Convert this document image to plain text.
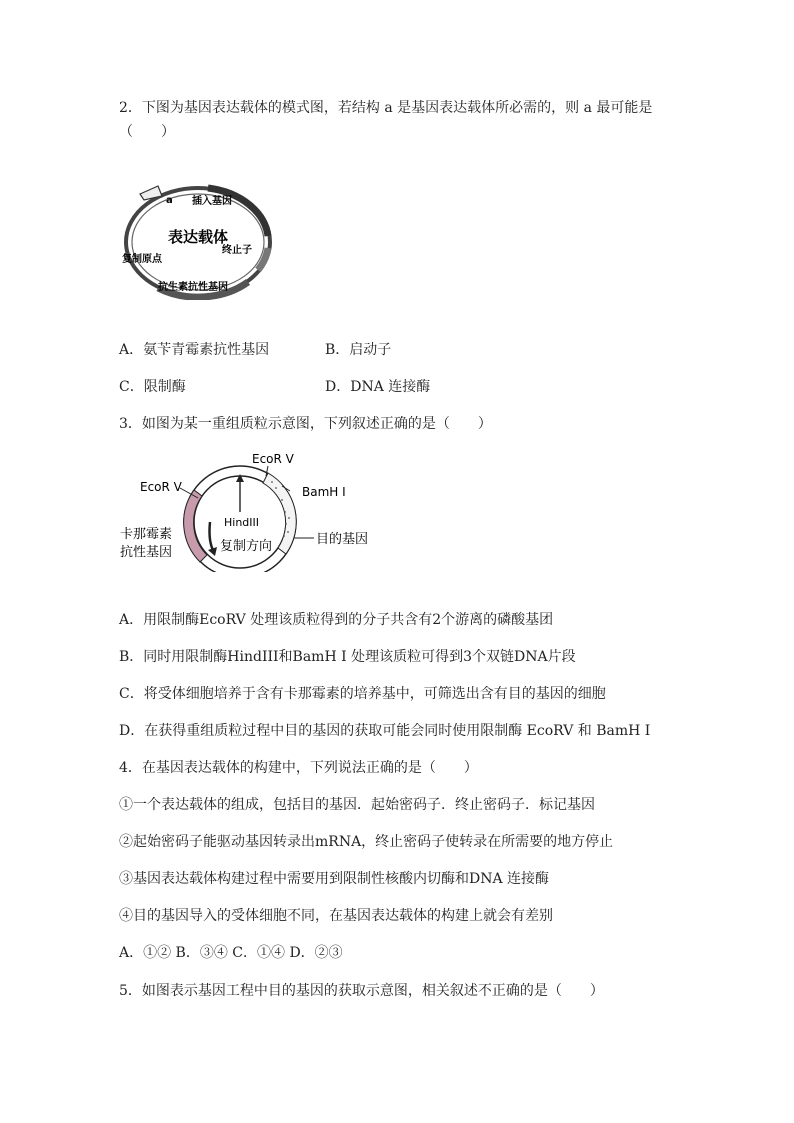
2．下图为基因表达载体的模式图，若结构 a 是基因表达载体所必需的，则 a 最可能是
（　　）
a 插入基因
表达载体
终止子
复制原点
抗生素抗性基因
A．氨苄青霉素抗性基因	B．启动子
C．限制酶	D．DNA 连接酶
3．如图为某一重组质粒示意图，下列叙述正确的是（　　）
EcoR V
EcoR V
BamH I
HindIII
卡那霉素
抗性基因	复制方向	目的基因
A．用限制酶EcoRV 处理该质粒得到的分子共含有2个游离的磷酸基团
B．同时用限制酶HindIII和BamH I 处理该质粒可得到3个双链DNA片段
C．将受体细胞培养于含有卡那霉素的培养基中，可筛选出含有目的基因的细胞
D．在获得重组质粒过程中目的基因的获取可能会同时使用限制酶 EcoRV 和 BamH I
4．在基因表达载体的构建中，下列说法正确的是（　　）
①一个表达载体的组成，包括目的基因．起始密码子．终止密码子．标记基因
②起始密码子能驱动基因转录出mRNA，终止密码子使转录在所需要的地方停止
③基因表达载体构建过程中需要用到限制性核酸内切酶和DNA 连接酶
④目的基因导入的受体细胞不同，在基因表达载体的构建上就会有差别
A．①② B．③④ C．①④ D．②③
5．如图表示基因工程中目的基因的获取示意图，相关叙述不正确的是（　　）
